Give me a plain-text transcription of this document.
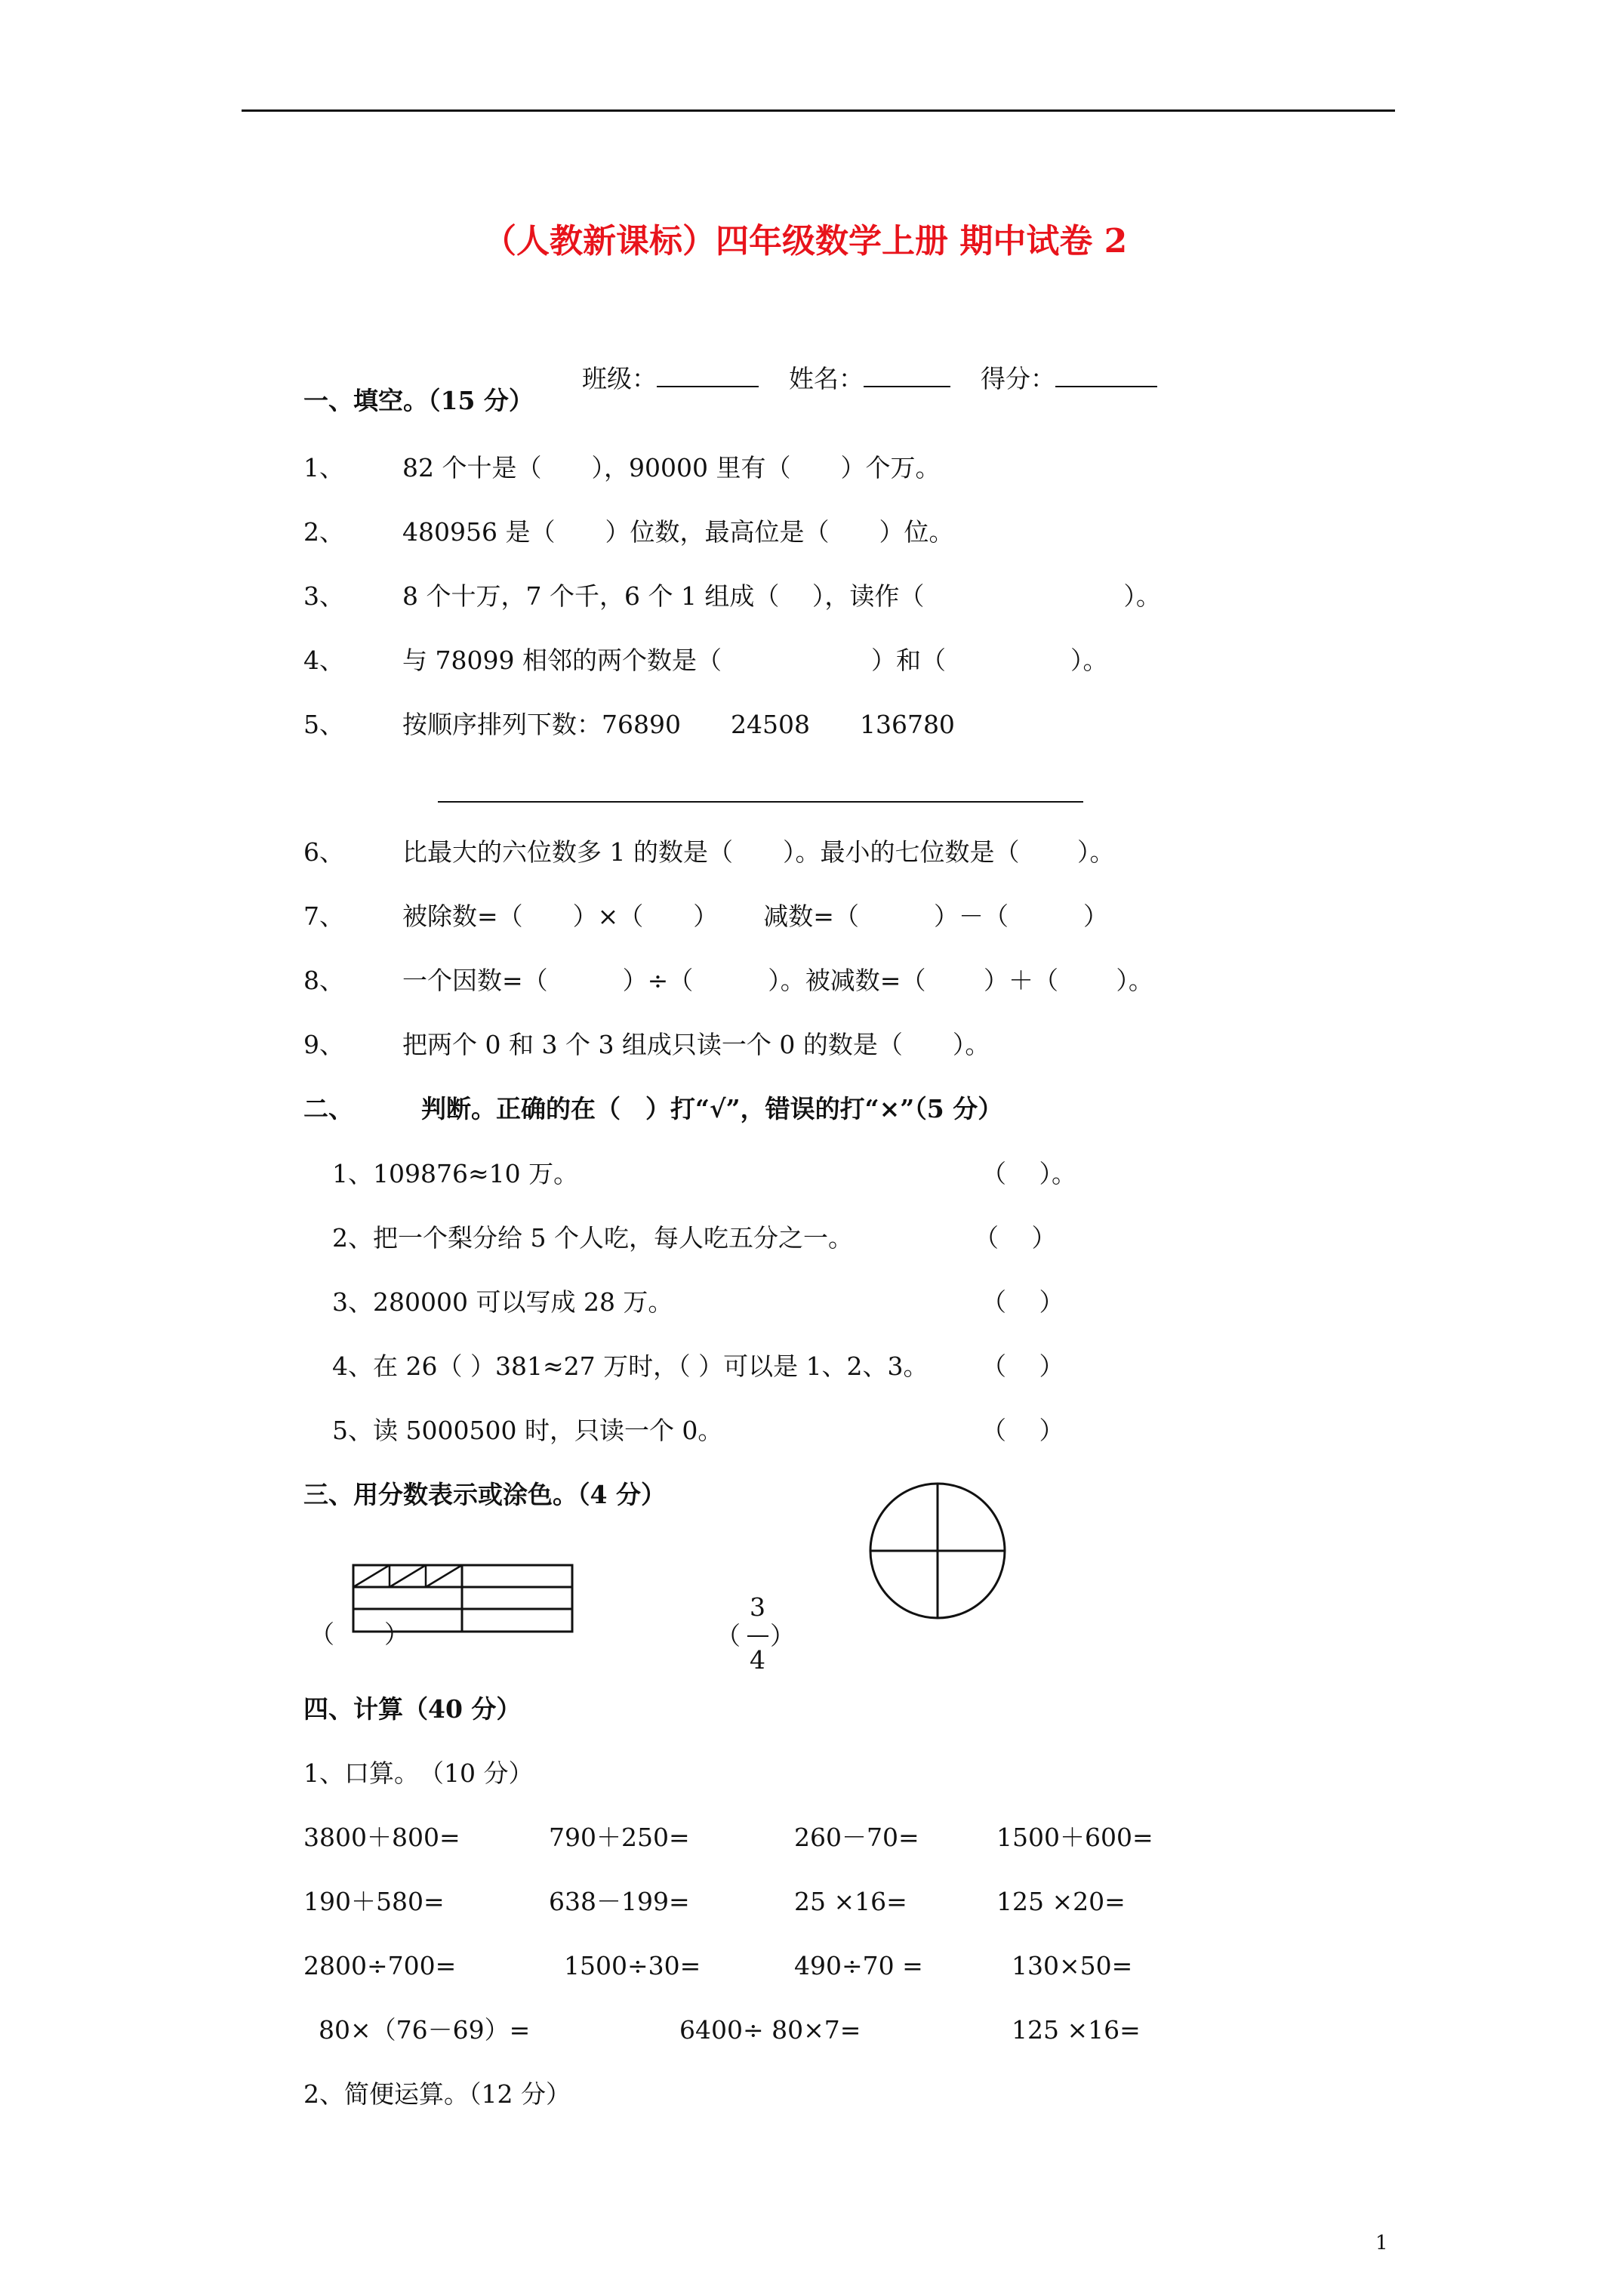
（人教新课标）四年级数学上册 期中试卷 2

班级：	姓名：	得分：

一、填空。（15 分）
1、 82 个十是（　　），90000 里有（　　）个万。
2、 480956 是（　　）位数，最高位是（　　）位。
3、 8 个十万，7 个千，6 个 1 组成（　 ），读作（　　　　　　　　）。
4、 与 78099 相邻的两个数是（　　　　　　）和（　　　　　）。
5、 按顺序排列下数：76890　　24508　　136780
6、 比最大的六位数多 1 的数是（　　）。最小的七位数是（　　 ）。
7、 被除数=（　　）×（　　）　　 减数=（　　　）－（　　　）
8、 一个因数=（　　　）÷（　　　）。被减数=（　　 ）＋（　　 ）。
9、 把两个 0 和 3 个 3 组成只读一个 0 的数是（　　）。
二、	判断。正确的在（　）打“√”，错误的打“×”（5 分）
1、109876≈10 万。	（　 ）。
2、把一个梨分给 5 个人吃，每人吃五分之一。	（　 ）
3、280000 可以写成 28 万。	（　 ）
4、在 26（ ）381≈27 万时，（ ）可以是 1、2、3。 （　 ）
5、读 5000500 时，只读一个 0。	（　 ）
三、用分数表示或涂色。（4 分）
（　　）	（
3
4
）
四、计算（40 分）
1、口算。　（10 分）
3800＋800=	790＋250=	260－70=	1500＋600=
190＋580=	638－199=	25 ×16=	125 ×20=
2800÷700=	1500÷30=	490÷70 =	130×50=
80×（76－69）=	6400÷ 80×7=	125 ×16=
2、简便运算。（12 分）
1
